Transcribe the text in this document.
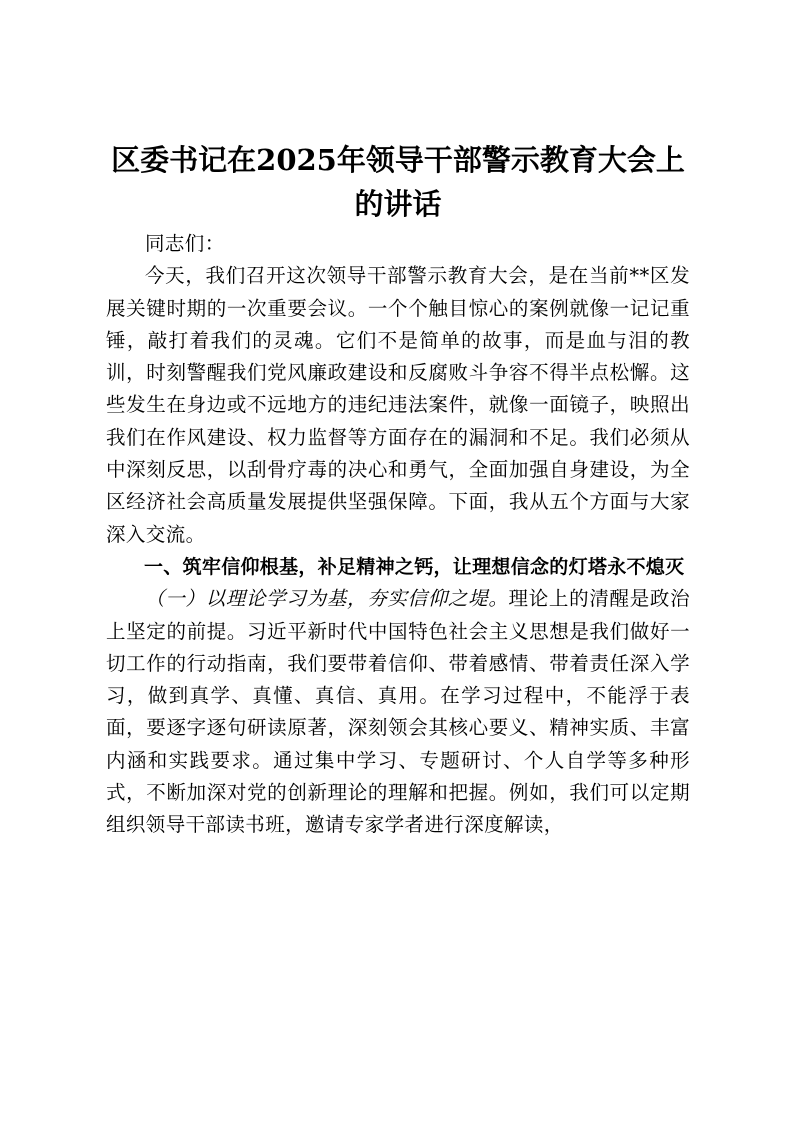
区委书记在2025年领导干部警示教育大会上
的讲话

同志们：

今天，我们召开这次领导干部警示教育大会，是在当前**区发展关键时期的一次重要会议。一个个触目惊心的案例就像一记记重锤，敲打着我们的灵魂。它们不是简单的故事，而是血与泪的教训，时刻警醒我们党风廉政建设和反腐败斗争容不得半点松懈。这些发生在身边或不远地方的违纪违法案件，就像一面镜子，映照出我们在作风建设、权力监督等方面存在的漏洞和不足。我们必须从中深刻反思，以刮骨疗毒的决心和勇气，全面加强自身建设，为全区经济社会高质量发展提供坚强保障。下面，我从五个方面与大家深入交流。

一、筑牢信仰根基，补足精神之钙，让理想信念的灯塔永不熄灭

（一）以理论学习为基，夯实信仰之堤。理论上的清醒是政治上坚定的前提。习近平新时代中国特色社会主义思想是我们做好一切工作的行动指南，我们要带着信仰、带着感情、带着责任深入学习，做到真学、真懂、真信、真用。在学习过程中，不能浮于表面，要逐字逐句研读原著，深刻领会其核心要义、精神实质、丰富内涵和实践要求。通过集中学习、专题研讨、个人自学等多种形式，不断加深对党的创新理论的理解和把握。例如，我们可以定期组织领导干部读书班，邀请专家学者进行深度解读，
